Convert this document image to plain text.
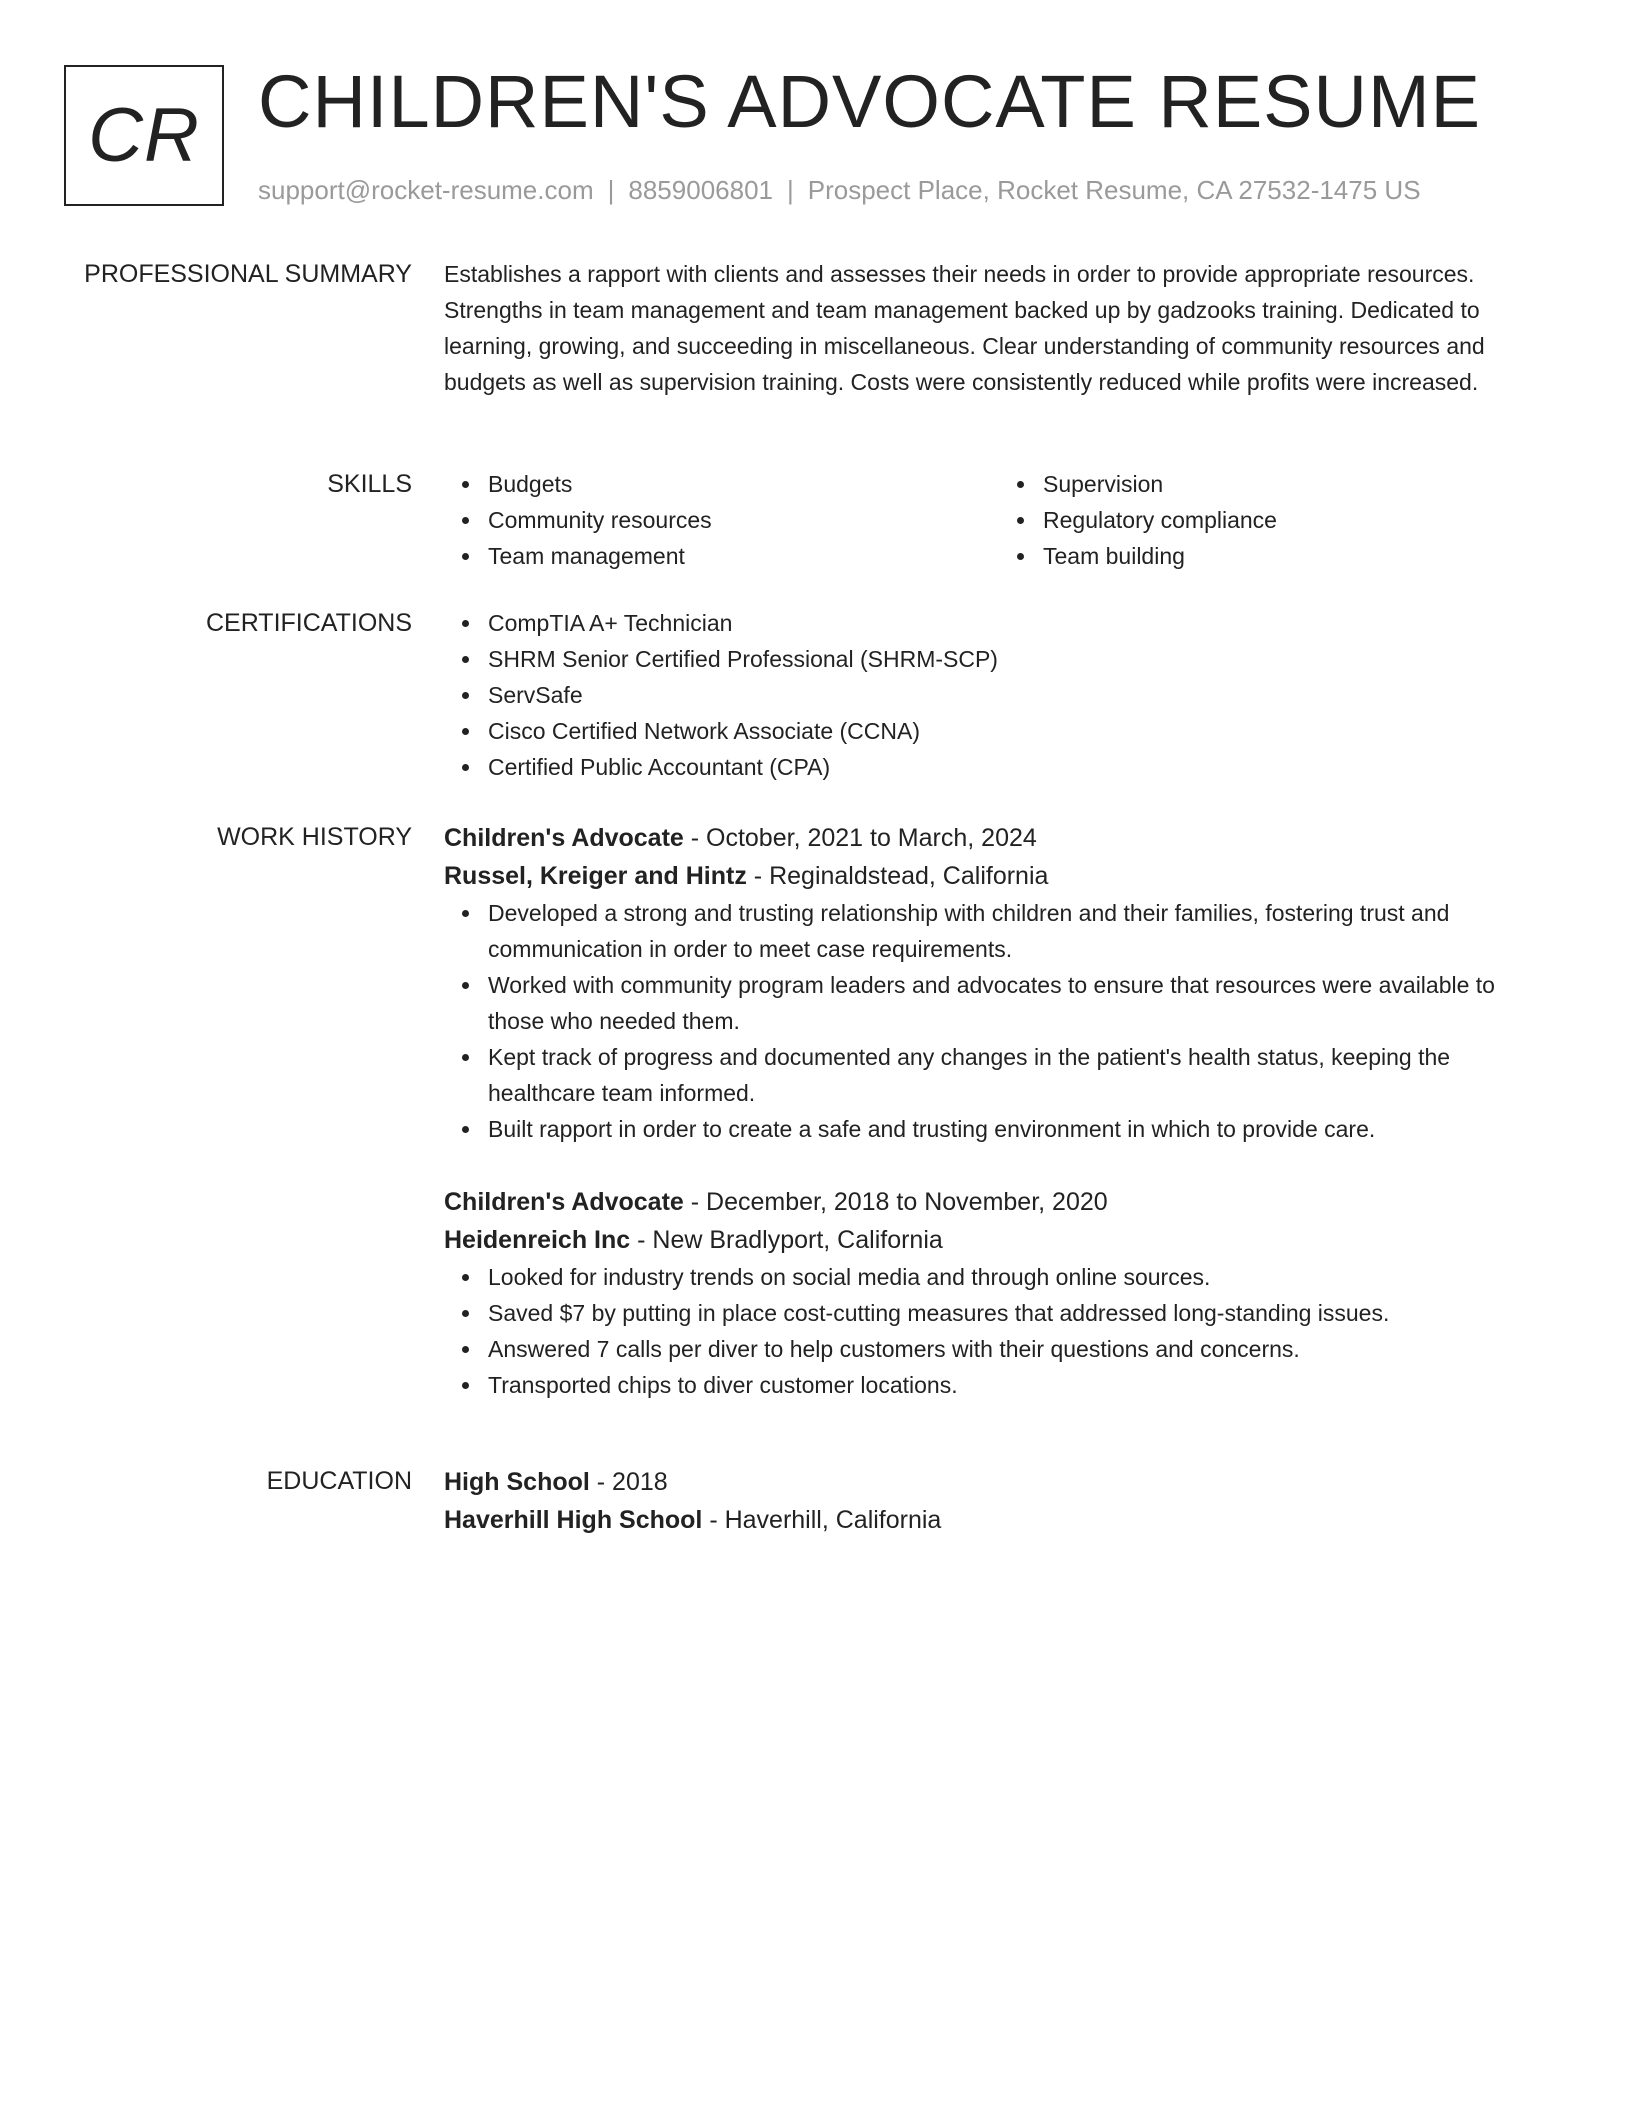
CR CHILDREN'S ADVOCATE RESUME
support@rocket-resume.com | 8859006801 | Prospect Place, Rocket Resume, CA 27532-1475 US
PROFESSIONAL SUMMARY Establishes a rapport with clients and assesses their needs in order to provide appropriate resources. Strengths in team management and team management backed up by gadzooks training. Dedicated to learning, growing, and succeeding in miscellaneous. Clear understanding of community resources and budgets as well as supervision training. Costs were consistently reduced while profits were increased.

SKILLS	Budgets
Community resources
Team management
Supervision
Regulatory compliance
Team building
CERTIFICATIONS	CompTIA A+ Technician
SHRM Senior Certified Professional (SHRM-SCP)
ServSafe
Cisco Certified Network Associate (CCNA)
Certified Public Accountant (CPA)
WORK HISTORY Children's Advocate - October, 2021 to March, 2024
Russel, Kreiger and Hintz - Reginaldstead, California
Developed a strong and trusting relationship with children and their families, fostering trust and communication in order to meet case requirements.
Worked with community program leaders and advocates to ensure that resources were available to those who needed them.
Kept track of progress and documented any changes in the patient's health status, keeping the healthcare team informed.
Built rapport in order to create a safe and trusting environment in which to provide care.
Children's Advocate - December, 2018 to November, 2020
Heidenreich Inc - New Bradlyport, California
Looked for industry trends on social media and through online sources.
Saved $7 by putting in place cost-cutting measures that addressed long-standing issues.
Answered 7 calls per diver to help customers with their questions and concerns.
Transported chips to diver customer locations.
EDUCATION High School - 2018
Haverhill High School - Haverhill, California
